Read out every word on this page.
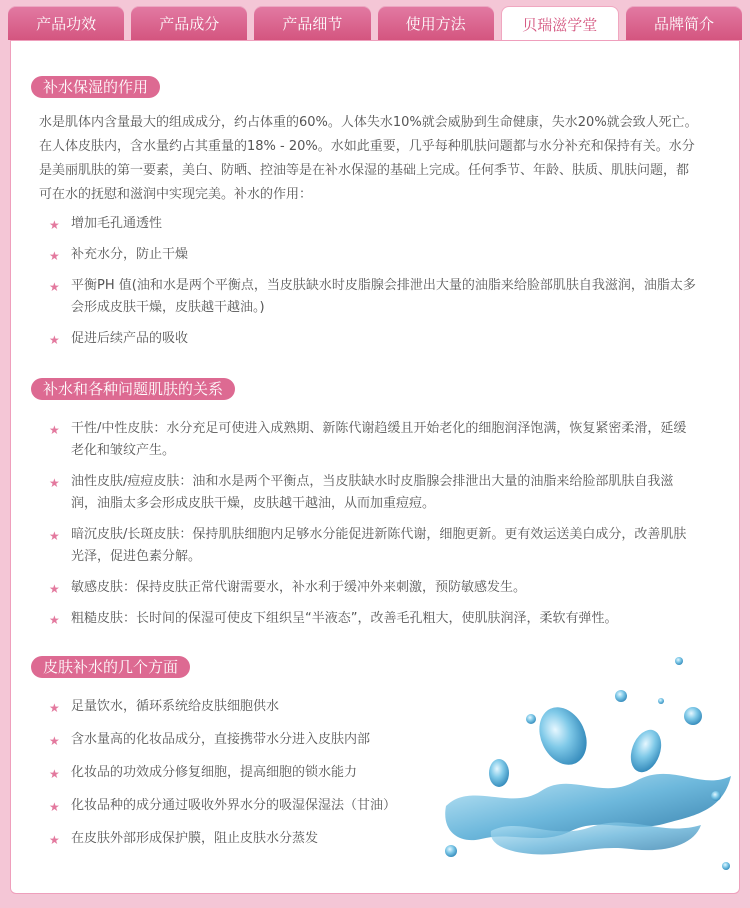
产品功效	产品成分	产品细节	使用方法	贝瑞滋学堂	品牌简介
补水保湿的作用
水是肌体内含量最大的组成成分，约占体重的60%。人体失水10%就会威胁到生命健康，失水20%就会致人死亡。在人体皮肤内，含水量约占其重量的18% - 20%。水如此重要，几乎每种肌肤问题都与水分补充和保持有关。水分是美丽肌肤的第一要素，美白、防晒、控油等是在补水保湿的基础上完成。任何季节、年龄、肤质、肌肤问题，都可在水的抚慰和滋润中实现完美。补水的作用：
★ 增加毛孔通透性
★ 补充水分，防止干燥
★ 平衡PH 值(油和水是两个平衡点，当皮肤缺水时皮脂腺会排泄出大量的油脂来给脸部肌肤自我滋润，油脂太多会形成皮肤干燥，皮肤越干越油。)
★ 促进后续产品的吸收
补水和各种问题肌肤的关系
★ 干性/中性皮肤：水分充足可使进入成熟期、新陈代谢趋缓且开始老化的细胞润泽饱满，恢复紧密柔滑，延缓老化和皱纹产生。
★ 油性皮肤/痘痘皮肤：油和水是两个平衡点，当皮肤缺水时皮脂腺会排泄出大量的油脂来给脸部肌肤自我滋润，油脂太多会形成皮肤干燥，皮肤越干越油，从而加重痘痘。
★ 暗沉皮肤/长斑皮肤：保持肌肤细胞内足够水分能促进新陈代谢，细胞更新。更有效运送美白成分，改善肌肤光泽，促进色素分解。
★ 敏感皮肤：保持皮肤正常代谢需要水，补水利于缓冲外来刺激，预防敏感发生。
★ 粗糙皮肤：长时间的保湿可使皮下组织呈“半液态”，改善毛孔粗大，使肌肤润泽，柔软有弹性。
皮肤补水的几个方面
★ 足量饮水，循环系统给皮肤细胞供水
★ 含水量高的化妆品成分，直接携带水分进入皮肤内部
★ 化妆品的功效成分修复细胞，提高细胞的锁水能力
★ 化妆品种的成分通过吸收外界水分的吸湿保湿法（甘油）
★ 在皮肤外部形成保护膜，阻止皮肤水分蒸发
